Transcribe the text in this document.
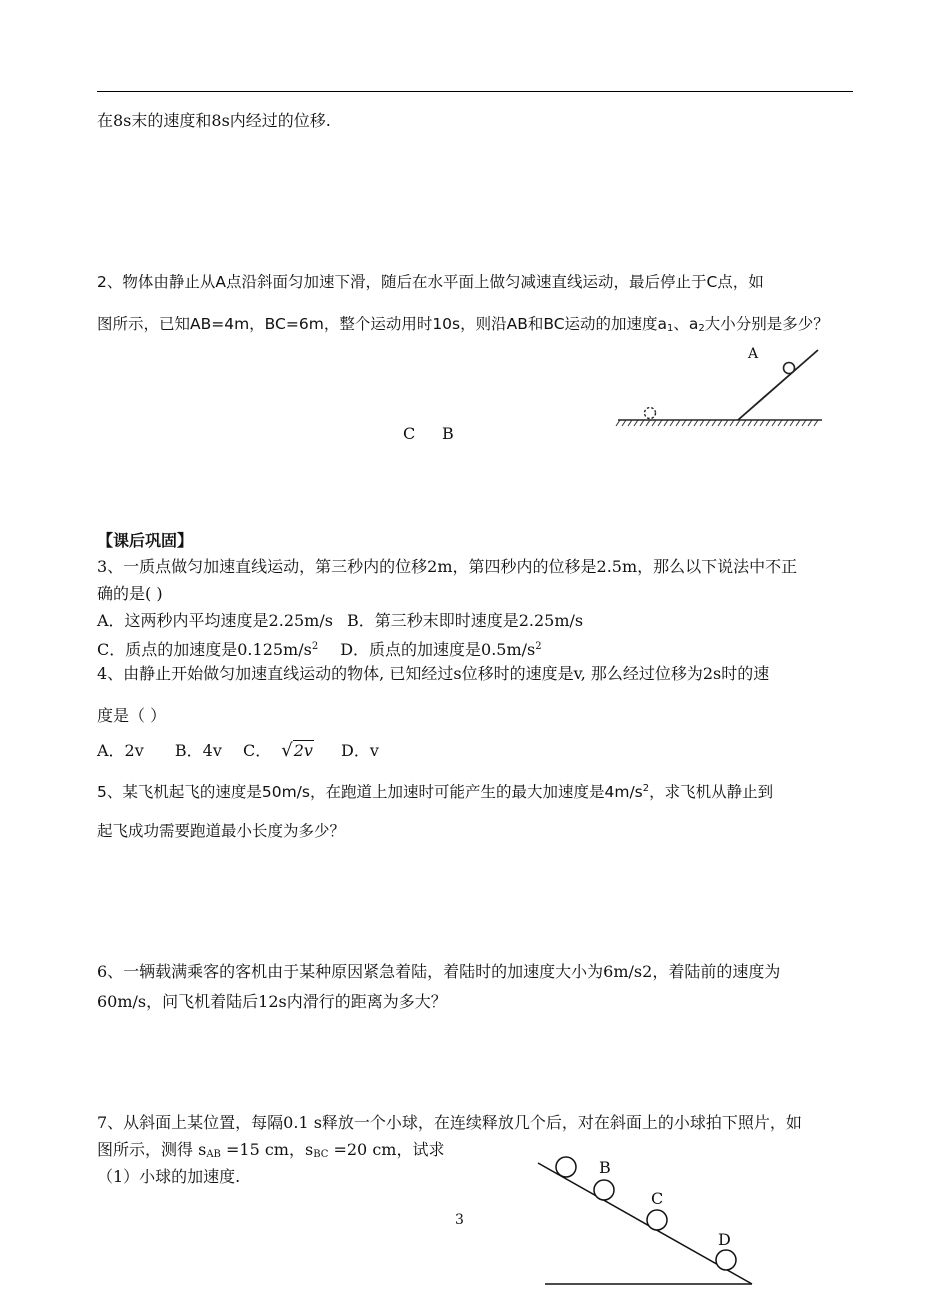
在8s末的速度和8s内经过的位移.
2、物体由静止从A点沿斜面匀加速下滑，随后在水平面上做匀减速直线运动，最后停止于C点，如
图所示，已知AB=4m，BC=6m，整个运动用时10s，则沿AB和BC运动的加速度$a_1$、$a_2$大小分别是多少？
A
C B
【课后巩固】
3、一质点做匀加速直线运动，第三秒内的位移2m，第四秒内的位移是2.5m，那么以下说法中不正
确的是( )
A．这两秒内平均速度是2.25m/s B．第三秒末即时速度是2.25m/s
C．质点的加速度是$0.125m/s^2$ D．质点的加速度是$0.5m/s^2$
4、由静止开始做匀加速直线运动的物体, 已知经过s位移时的速度是v, 那么经过位移为2s时的速
度是（ ）
A．2v B．4v C． √2v D．v
5、某飞机起飞的速度是50m/s，在跑道上加速时可能产生的最大加速度是$4m/s^2$，求飞机从静止到
起飞成功需要跑道最小长度为多少？
6、一辆载满乘客的客机由于某种原因紧急着陆，着陆时的加速度大小为6m/s2，着陆前的速度为
60m/s，问飞机着陆后12s内滑行的距离为多大？
7、从斜面上某位置，每隔0.1 s释放一个小球，在连续释放几个后，对在斜面上的小球拍下照片，如
图所示，测得 $s_{AB} =15$ cm，$s_{BC} =20$ cm，试求
（1）小球的加速度.	B
C
D
3
